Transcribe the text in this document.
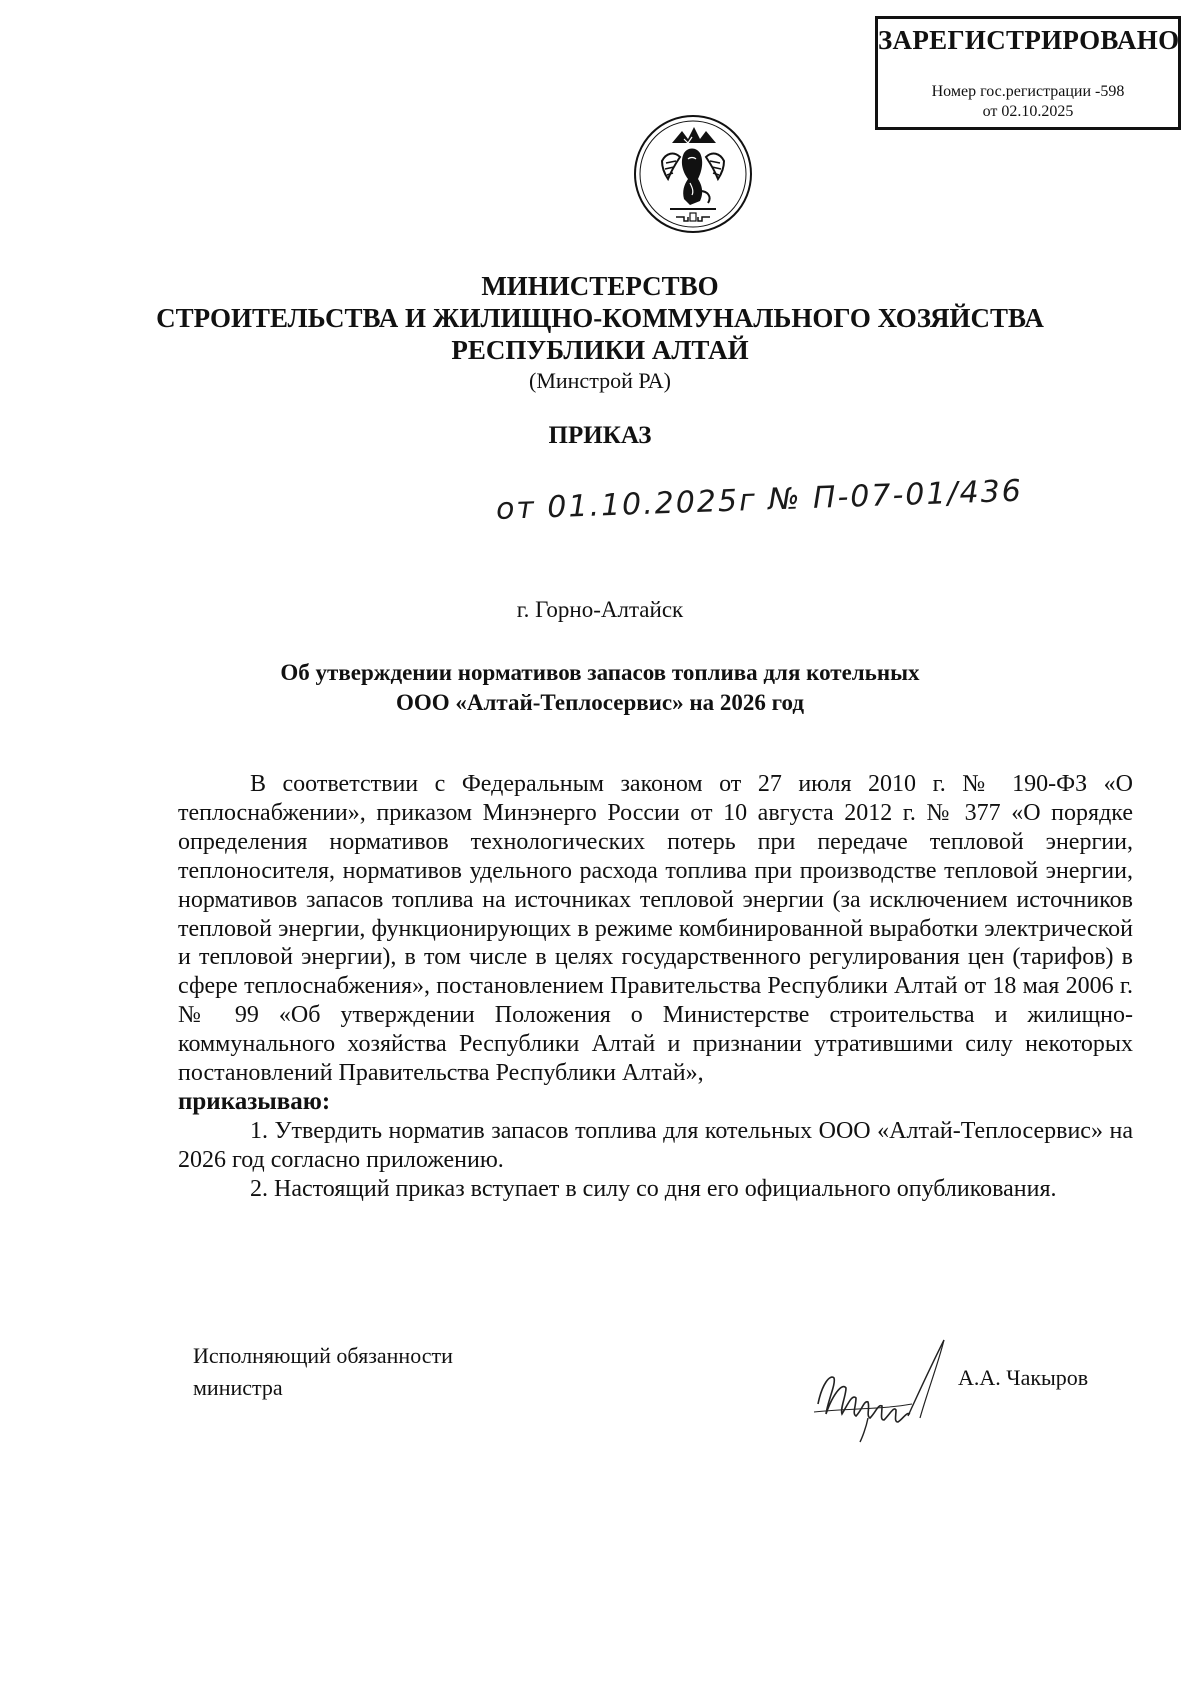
ЗАРЕГИСТРИРОВАНО
Номер гос.регистрации -598
от 02.10.2025
МИНИСТЕРСТВО
СТРОИТЕЛЬСТВА И ЖИЛИЩНО-КОММУНАЛЬНОГО ХОЗЯЙСТВА
РЕСПУБЛИКИ АЛТАЙ
(Минстрой РА)
ПРИКАЗ
от 01.10.2025г № П-07-01/436
г. Горно-Алтайск
Об утверждении нормативов запасов топлива для котельных
ООО «Алтай-Теплосервис» на 2026 год

В соответствии с Федеральным законом от 27 июля 2010 г. № 190-ФЗ «О теплоснабжении», приказом Минэнерго России от 10 августа 2012 г. № 377 «О порядке определения нормативов технологических потерь при передаче тепловой энергии, теплоносителя, нормативов удельного расхода топлива при производстве тепловой энергии, нормативов запасов топлива на источниках тепловой энергии (за исключением источников тепловой энергии, функционирующих в режиме комбинированной выработки электрической и тепловой энергии), в том числе в целях государственного регулирования цен (тарифов) в сфере теплоснабжения», постановлением Правительства Республики Алтай от 18 мая 2006 г. № 99 «Об утверждении Положения о Министерстве строительства и жилищно-коммунального хозяйства Республики Алтай и признании утратившими силу некоторых постановлений Правительства Республики Алтай»,

приказываю:

1. Утвердить норматив запасов топлива для котельных ООО «Алтай-Теплосервис» на 2026 год согласно приложению.

2. Настоящий приказ вступает в силу со дня его официального опубликования.

Исполняющий обязанности
министра	А.А. Чакыров
